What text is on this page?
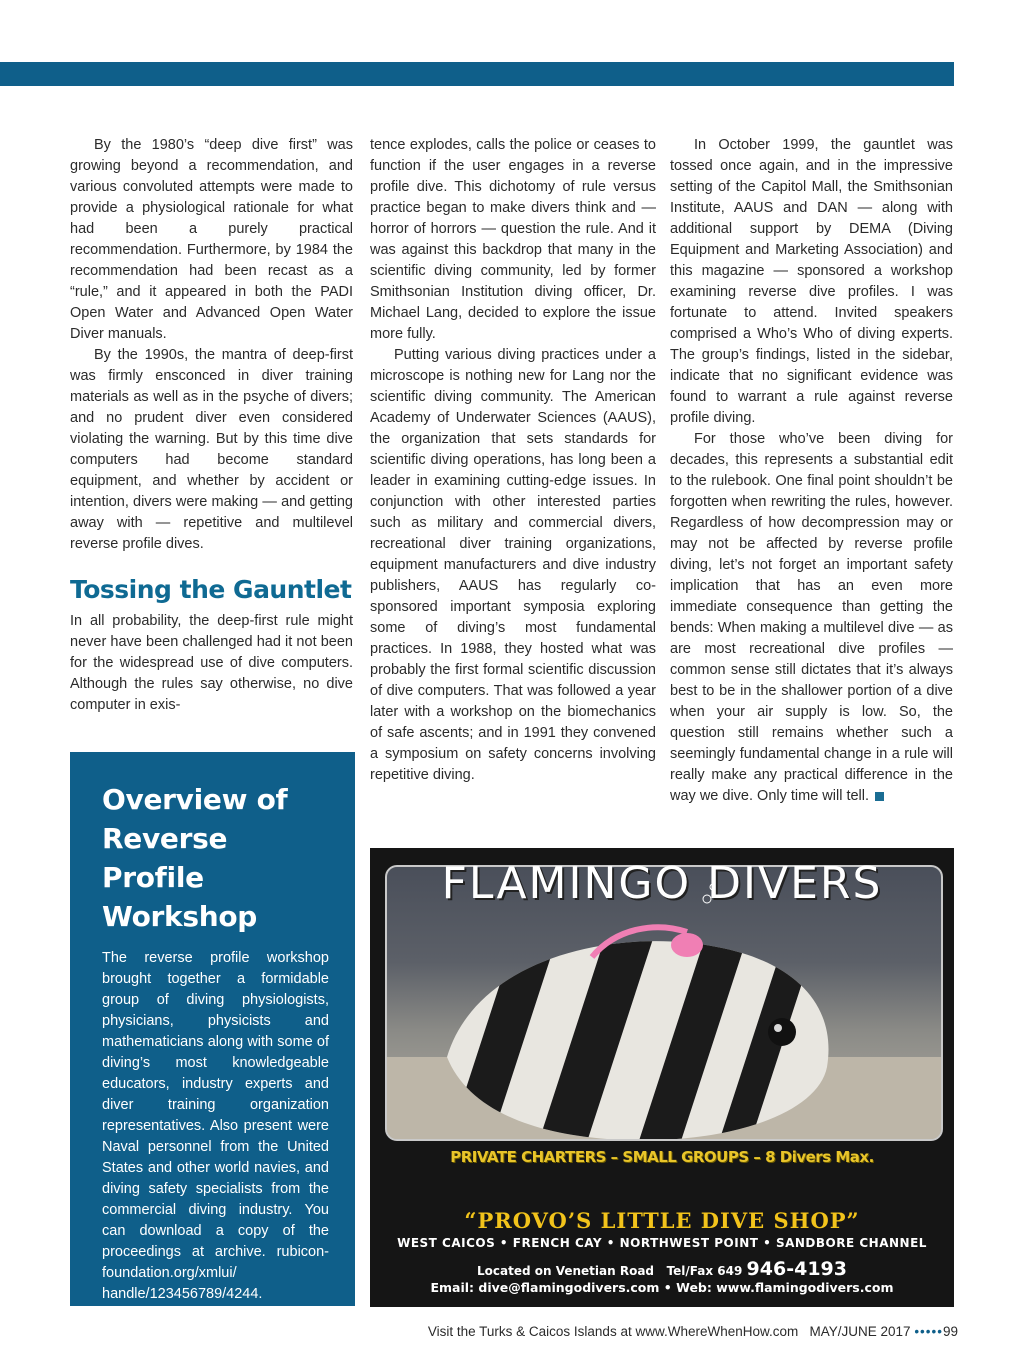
By the 1980’s “deep dive first” was growing beyond a recommendation, and various convoluted attempts were made to provide a physiological rationale for what had been a purely practical recommendation. Furthermore, by 1984 the recommendation had been recast as a “rule,” and it appeared in both the PADI Open Water and Advanced Open Water Diver manuals.

By the 1990s, the mantra of deep-first was firmly ensconced in diver training materials as well as in the psyche of divers; and no prudent diver even considered violating the warning. But by this time dive computers had become standard equipment, and whether by accident or intention, divers were making — and getting away with — repetitive and multilevel reverse profile dives.

Tossing the Gauntlet

In all probability, the deep-first rule might never have been challenged had it not been for the widespread use of dive computers. Although the rules say otherwise, no dive computer in exis-

tence explodes, calls the police or ceases to function if the user engages in a reverse profile dive. This dichotomy of rule versus practice began to make divers think and — horror of horrors — question the rule. And it was against this backdrop that many in the scientific diving community, led by former Smithsonian Institution diving officer, Dr. Michael Lang, decided to explore the issue more fully.

Putting various diving practices under a microscope is nothing new for Lang nor the scientific diving community. The American Academy of Underwater Sciences (AAUS), the organization that sets standards for scientific diving operations, has long been a leader in examining cutting-edge issues. In conjunction with other interested parties such as military and commercial divers, recreational diver training organizations, equipment manufacturers and dive industry publishers, AAUS has regularly co-sponsored important symposia exploring some of diving’s most fundamental practices. In 1988, they hosted what was probably the first formal scientific discussion of dive computers. That was followed a year later with a workshop on the biomechanics of safe ascents; and in 1991 they convened a symposium on safety concerns involving repetitive diving.

In October 1999, the gauntlet was tossed once again, and in the impressive setting of the Capitol Mall, the Smithsonian Institute, AAUS and DAN — along with additional support by DEMA (Diving Equipment and Marketing Association) and this magazine — sponsored a workshop examining reverse dive profiles. I was fortunate to attend. Invited speakers comprised a Who’s Who of diving experts. The group’s findings, listed in the sidebar, indicate that no significant evidence was found to warrant a rule against reverse profile diving.

For those who’ve been diving for decades, this represents a substantial edit to the rulebook. One final point shouldn’t be forgotten when rewriting the rules, however. Regardless of how decompression may or may not be affected by reverse profile diving, let’s not forget an important safety implication that has an even more immediate consequence than getting the bends: When making a multilevel dive — as are most recreational dive profiles — common sense still dictates that it’s always best to be in the shallower portion of a dive when your air supply is low. So, the question still remains whether such a seemingly fundamental change in a rule will really make any practical difference in the way we dive. Only time will tell.

Overview of Reverse Profile Workshop

The reverse profile workshop brought together a formidable group of diving physiologists, physicians, physicists and mathematicians along with some of diving’s most knowledgeable educators, industry experts and diver training organization representatives. Also present were Naval personnel from the United States and other world navies, and diving safety specialists from the commercial diving industry. You can download a copy of the proceedings at archive. rubicon-foundation.org/xmlui/ handle/123456789/4244.

FLAMINGO DIVERS
PRIVATE CHARTERS – SMALL GROUPS – 8 Divers Max.
“PROVO’S LITTLE DIVE SHOP”
WEST CAICOS • FRENCH CAY • NORTHWEST POINT • SANDBORE CHANNEL
Located on Venetian Road Tel/Fax 649 946-4193
Email: dive@flamingodivers.com • Web: www.flamingodivers.com
Visit the Turks & Caicos Islands at www.WhereWhenHow.com MAY/JUNE 2017 •••••99
